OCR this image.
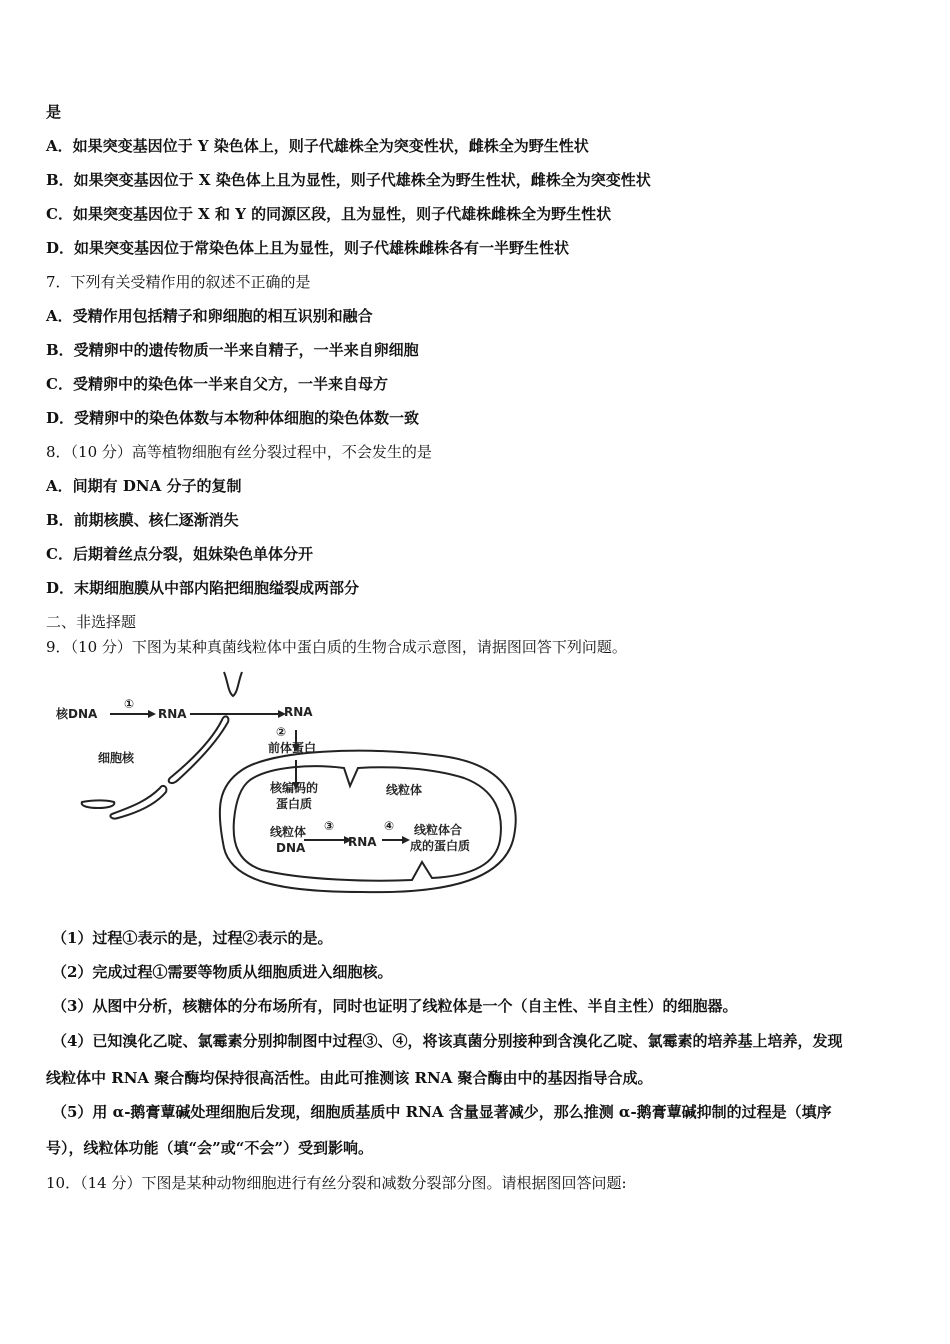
是
A．如果突变基因位于 Y 染色体上，则子代雄株全为突变性状，雌株全为野生性状
B．如果突变基因位于 X 染色体上且为显性，则子代雄株全为野生性状，雌株全为突变性状
C．如果突变基因位于 X 和 Y 的同源区段，且为显性，则子代雄株雌株全为野生性状
D．如果突变基因位于常染色体上且为显性，则子代雄株雌株各有一半野生性状
7．下列有关受精作用的叙述不正确的是
A．受精作用包括精子和卵细胞的相互识别和融合
B．受精卵中的遗传物质一半来自精子，一半来自卵细胞
C．受精卵中的染色体一半来自父方，一半来自母方
D．受精卵中的染色体数与本物种体细胞的染色体数一致
8．（10 分）高等植物细胞有丝分裂过程中，不会发生的是
A．间期有 DNA 分子的复制
B．前期核膜、核仁逐渐消失
C．后期着丝点分裂，姐妹染色单体分开
D．末期细胞膜从中部内陷把细胞缢裂成两部分
二、非选择题
9．（10 分）下图为某种真菌线粒体中蛋白质的生物合成示意图，请据图回答下列问题。
核DNA
①
RNA	RNA
②
前体蛋白
细胞核
核编码的
蛋白质
线粒体
线粒体
DNA
③
RNA
④ 线粒体合
成的蛋白质
（1）过程①表示的是，过程②表示的是。
（2）完成过程①需要等物质从细胞质进入细胞核。
（3）从图中分析，核糖体的分布场所有，同时也证明了线粒体是一个（自主性、半自主性）的细胞器。
（4）已知溴化乙啶、氯霉素分别抑制图中过程③、④，将该真菌分别接种到含溴化乙啶、氯霉素的培养基上培养，发现
线粒体中 RNA 聚合酶均保持很高活性。由此可推测该 RNA 聚合酶由中的基因指导合成。
（5）用 α-鹅膏蕈碱处理细胞后发现，细胞质基质中 RNA 含量显著减少，那么推测 α-鹅膏蕈碱抑制的过程是（填序
号），线粒体功能（填“会”或“不会”）受到影响。
10．（14 分）下图是某种动物细胞进行有丝分裂和减数分裂部分图。请根据图回答问题:
